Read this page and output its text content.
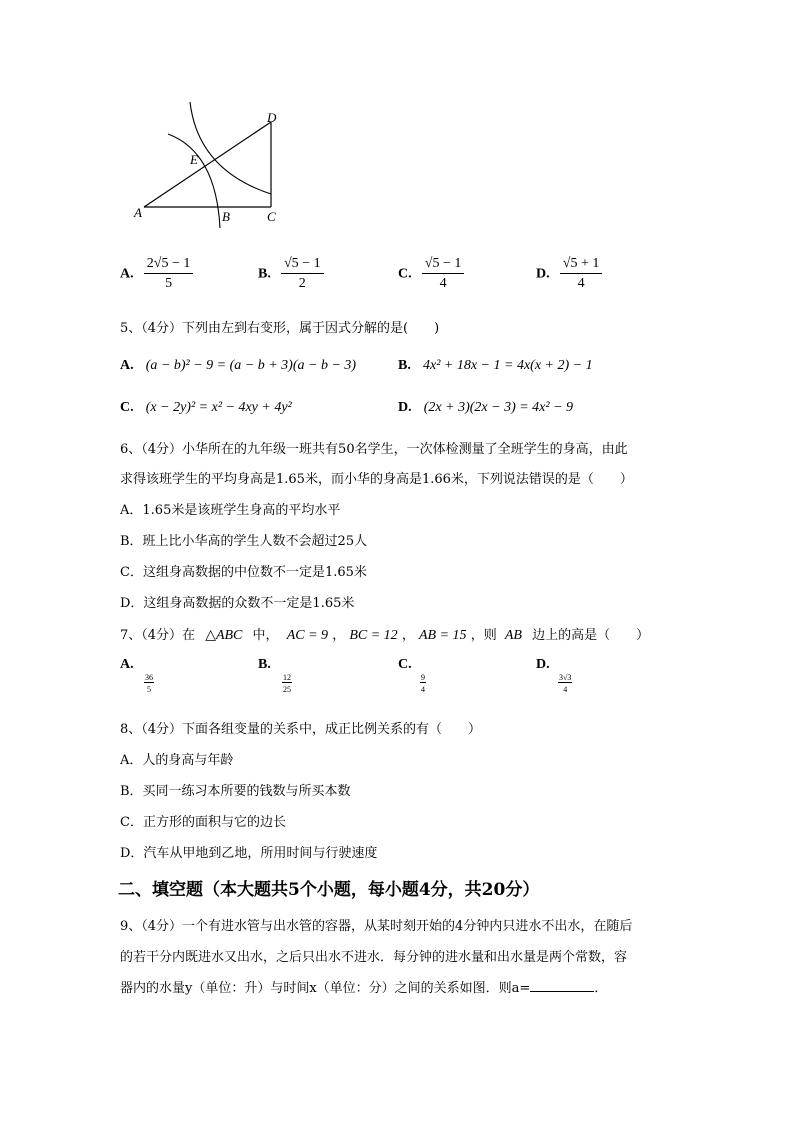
A	B	C
D
E
A. $\frac{2√5 - 1}{5}$	B. $\frac{√5 - 1}{2}$	C. $\frac{√5 - 1}{4}$	D. $\frac{√5 + 1}{4}$
5、（4分）下列由左到右变形，属于因式分解的是(　　)
A. (a − b)² − 9 = (a − b + 3)(a − b − 3)	B. 4x² + 18x − 1 = 4x(x + 2) − 1
C. (x − 2y)² = x² − 4xy + 4y²	D. (2x + 3)(2x − 3) = 4x² − 9
6、（4分）小华所在的九年级一班共有50名学生，一次体检测量了全班学生的身高，由此
求得该班学生的平均身高是1.65米，而小华的身高是1.66米，下列说法错误的是（　　）
A．1.65米是该班学生身高的平均水平
B．班上比小华高的学生人数不会超过25人
C．这组身高数据的中位数不一定是1.65米
D．这组身高数据的众数不一定是1.65米
7、（4分）在 △ABC 中， AC = 9 ， BC = 12 ， AB = 15 ，则 AB 边上的高是（　　）
A.

$\frac{36}{5}$
B.

$\frac{12}{25}$
C.

$\frac{9}{4}$
D.

$\frac{3√3}{4}$
8、（4分）下面各组变量的关系中，成正比例关系的有（　　）
A．人的身高与年龄
B．买同一练习本所要的钱数与所买本数
C．正方形的面积与它的边长
D．汽车从甲地到乙地，所用时间与行驶速度
二、填空题（本大题共5个小题，每小题4分，共20分）
9、（4分）一个有进水管与出水管的容器，从某时刻开始的4分钟内只进水不出水，在随后
的若干分内既进水又出水，之后只出水不进水．每分钟的进水量和出水量是两个常数，容
器内的水量y（单位：升）与时间x（单位：分）之间的关系如图．则a=	．
